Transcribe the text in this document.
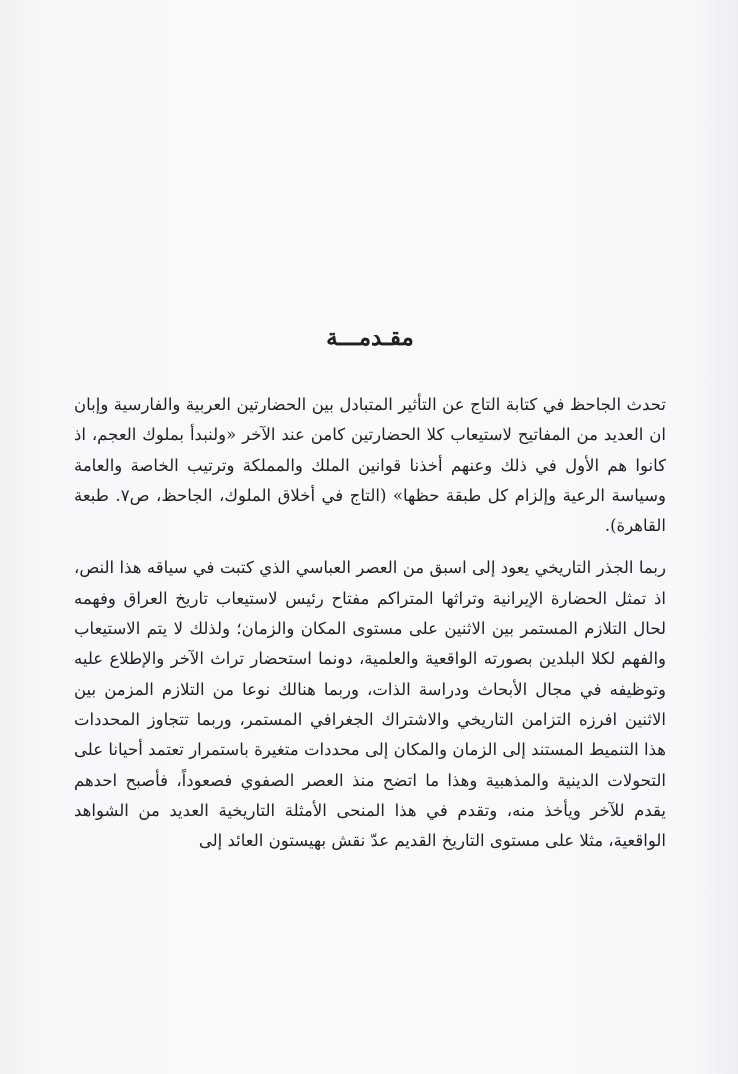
مقـدمـــة

تحدث الجاحظ في كتابة التاج عن التأثير المتبادل بين الحضارتين العربية والفارسية وإبان ان العديد من المفاتيح لاستيعاب كلا الحضارتين كامن عند الآخر «ولنبدأ بملوك العجم، اذ كانوا هم الأول في ذلك وعنهم أخذنا قوانين الملك والمملكة وترتيب الخاصة والعامة وسياسة الرعية وإلزام كل طبقة حظها» (التاج في أخلاق الملوك، الجاحظ، ص٧. طبعة القاهرة).

ربما الجذر التاريخي يعود إلى اسبق من العصر العباسي الذي كتبت في سياقه هذا النص، اذ تمثل الحضارة الإيرانية وتراثها المتراكم مفتاح رئيس لاستيعاب تاريخ العراق وفهمه لحال التلازم المستمر بين الاثنين على مستوى المكان والزمان؛ ولذلك لا يتم الاستيعاب والفهم لكلا البلدين بصورته الواقعية والعلمية، دونما استحضار تراث الآخر والإطلاع عليه وتوظيفه في مجال الأبحاث ودراسة الذات، وربما هنالك نوعا من التلازم المزمن بين الاثنين افرزه التزامن التاريخي والاشتراك الجغرافي المستمر، وربما تتجاوز المحددات هذا التنميط المستند إلى الزمان والمكان إلى محددات متغيرة باستمرار تعتمد أحيانا على التحولات الدينية والمذهبية وهذا ما اتضح منذ العصر الصفوي فصعوداً، فأصبح احدهم يقدم للآخر ويأخذ منه، وتقدم في هذا المنحى الأمثلة التاريخية العديد من الشواهد الواقعية، مثلا على مستوى التاريخ القديم عدّ نقش بهيستون العائد إلى
